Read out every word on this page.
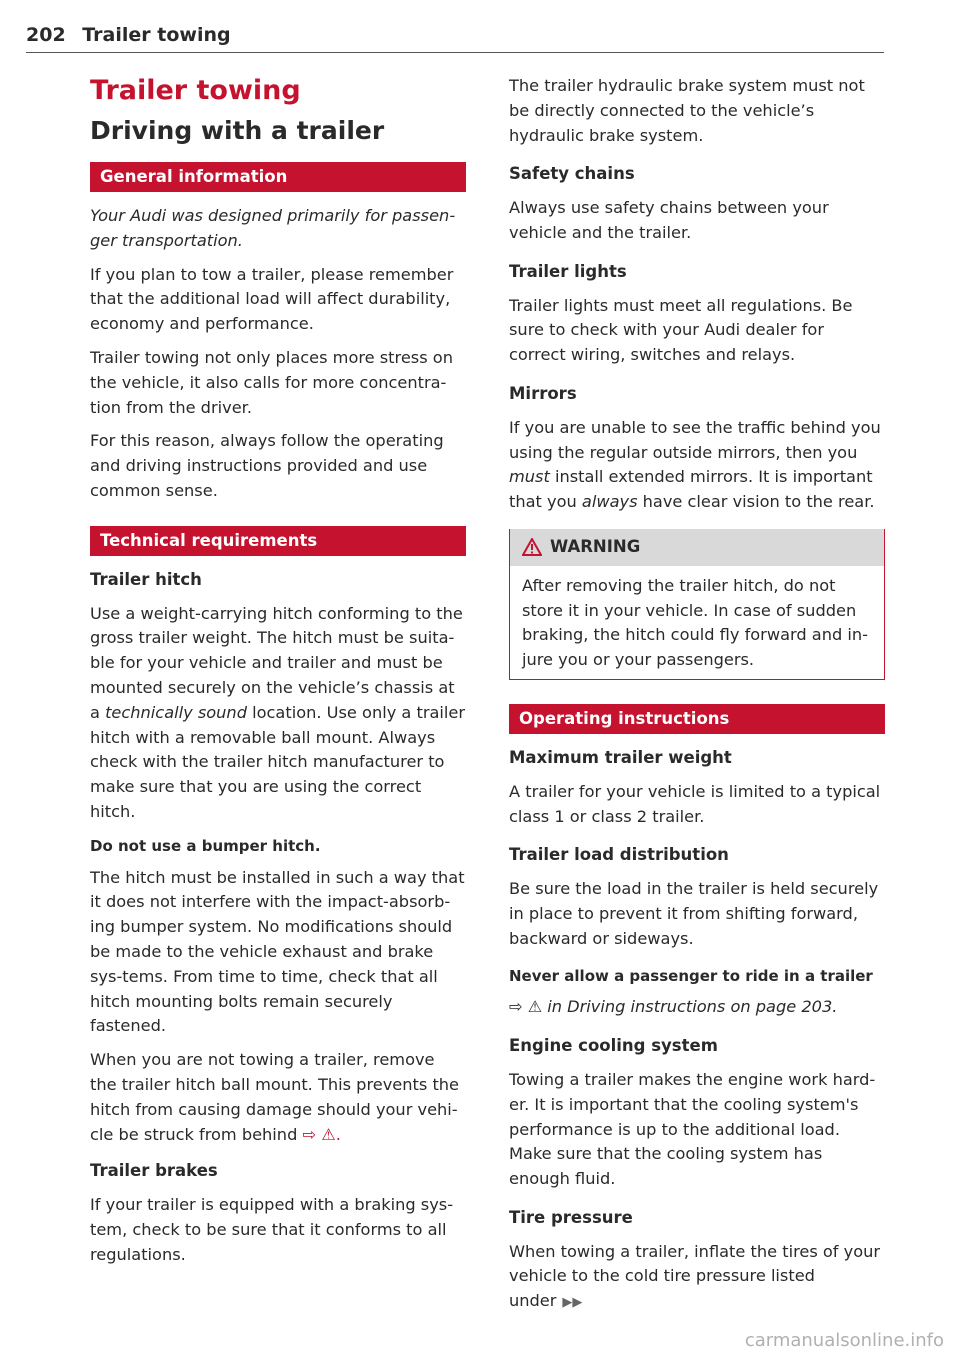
202 Trailer towing
Trailer towing
Driving with a trailer
General information

Your Audi was designed primarily for passen-ger transportation.

If you plan to tow a trailer, please remember that the additional load will affect durability, economy and performance.

Trailer towing not only places more stress on the vehicle, it also calls for more concentra-tion from the driver.

For this reason, always follow the operating and driving instructions provided and use common sense.

Technical requirements
Trailer hitch

Use a weight-carrying hitch conforming to the gross trailer weight. The hitch must be suita-ble for your vehicle and trailer and must be mounted securely on the vehicle’s chassis at a technically sound location. Use only a trailer hitch with a removable ball mount. Always check with the trailer hitch manufacturer to make sure that you are using the correct hitch.

Do not use a bumper hitch.

The hitch must be installed in such a way that it does not interfere with the impact-absorb-ing bumper system. No modifications should be made to the vehicle exhaust and brake sys-tems. From time to time, check that all hitch mounting bolts remain securely fastened.

When you are not towing a trailer, remove the trailer hitch ball mount. This prevents the hitch from causing damage should your vehi-cle be struck from behind ⇨ ⚠.

Trailer brakes

If your trailer is equipped with a braking sys-tem, check to be sure that it conforms to all regulations.

The trailer hydraulic brake system must not be directly connected to the vehicle’s hydraulic brake system.

Safety chains

Always use safety chains between your vehicle and the trailer.

Trailer lights

Trailer lights must meet all regulations. Be sure to check with your Audi dealer for correct wiring, switches and relays.

Mirrors

If you are unable to see the traffic behind you using the regular outside mirrors, then you must install extended mirrors. It is important that you always have clear vision to the rear.

WARNING
After removing the trailer hitch, do not store it in your vehicle. In case of sudden braking, the hitch could fly forward and in-jure you or your passengers.
Operating instructions
Maximum trailer weight

A trailer for your vehicle is limited to a typical class 1 or class 2 trailer.

Trailer load distribution

Be sure the load in the trailer is held securely in place to prevent it from shifting forward, backward or sideways.

Never allow a passenger to ride in a trailer

⇨ ⚠ in Driving instructions on page 203.

Engine cooling system

Towing a trailer makes the engine work hard-er. It is important that the cooling system's performance is up to the additional load. Make sure that the cooling system has enough fluid.

Tire pressure

When towing a trailer, inflate the tires of your vehicle to the cold tire pressure listed under ▶▶

carmanualsonline.info
